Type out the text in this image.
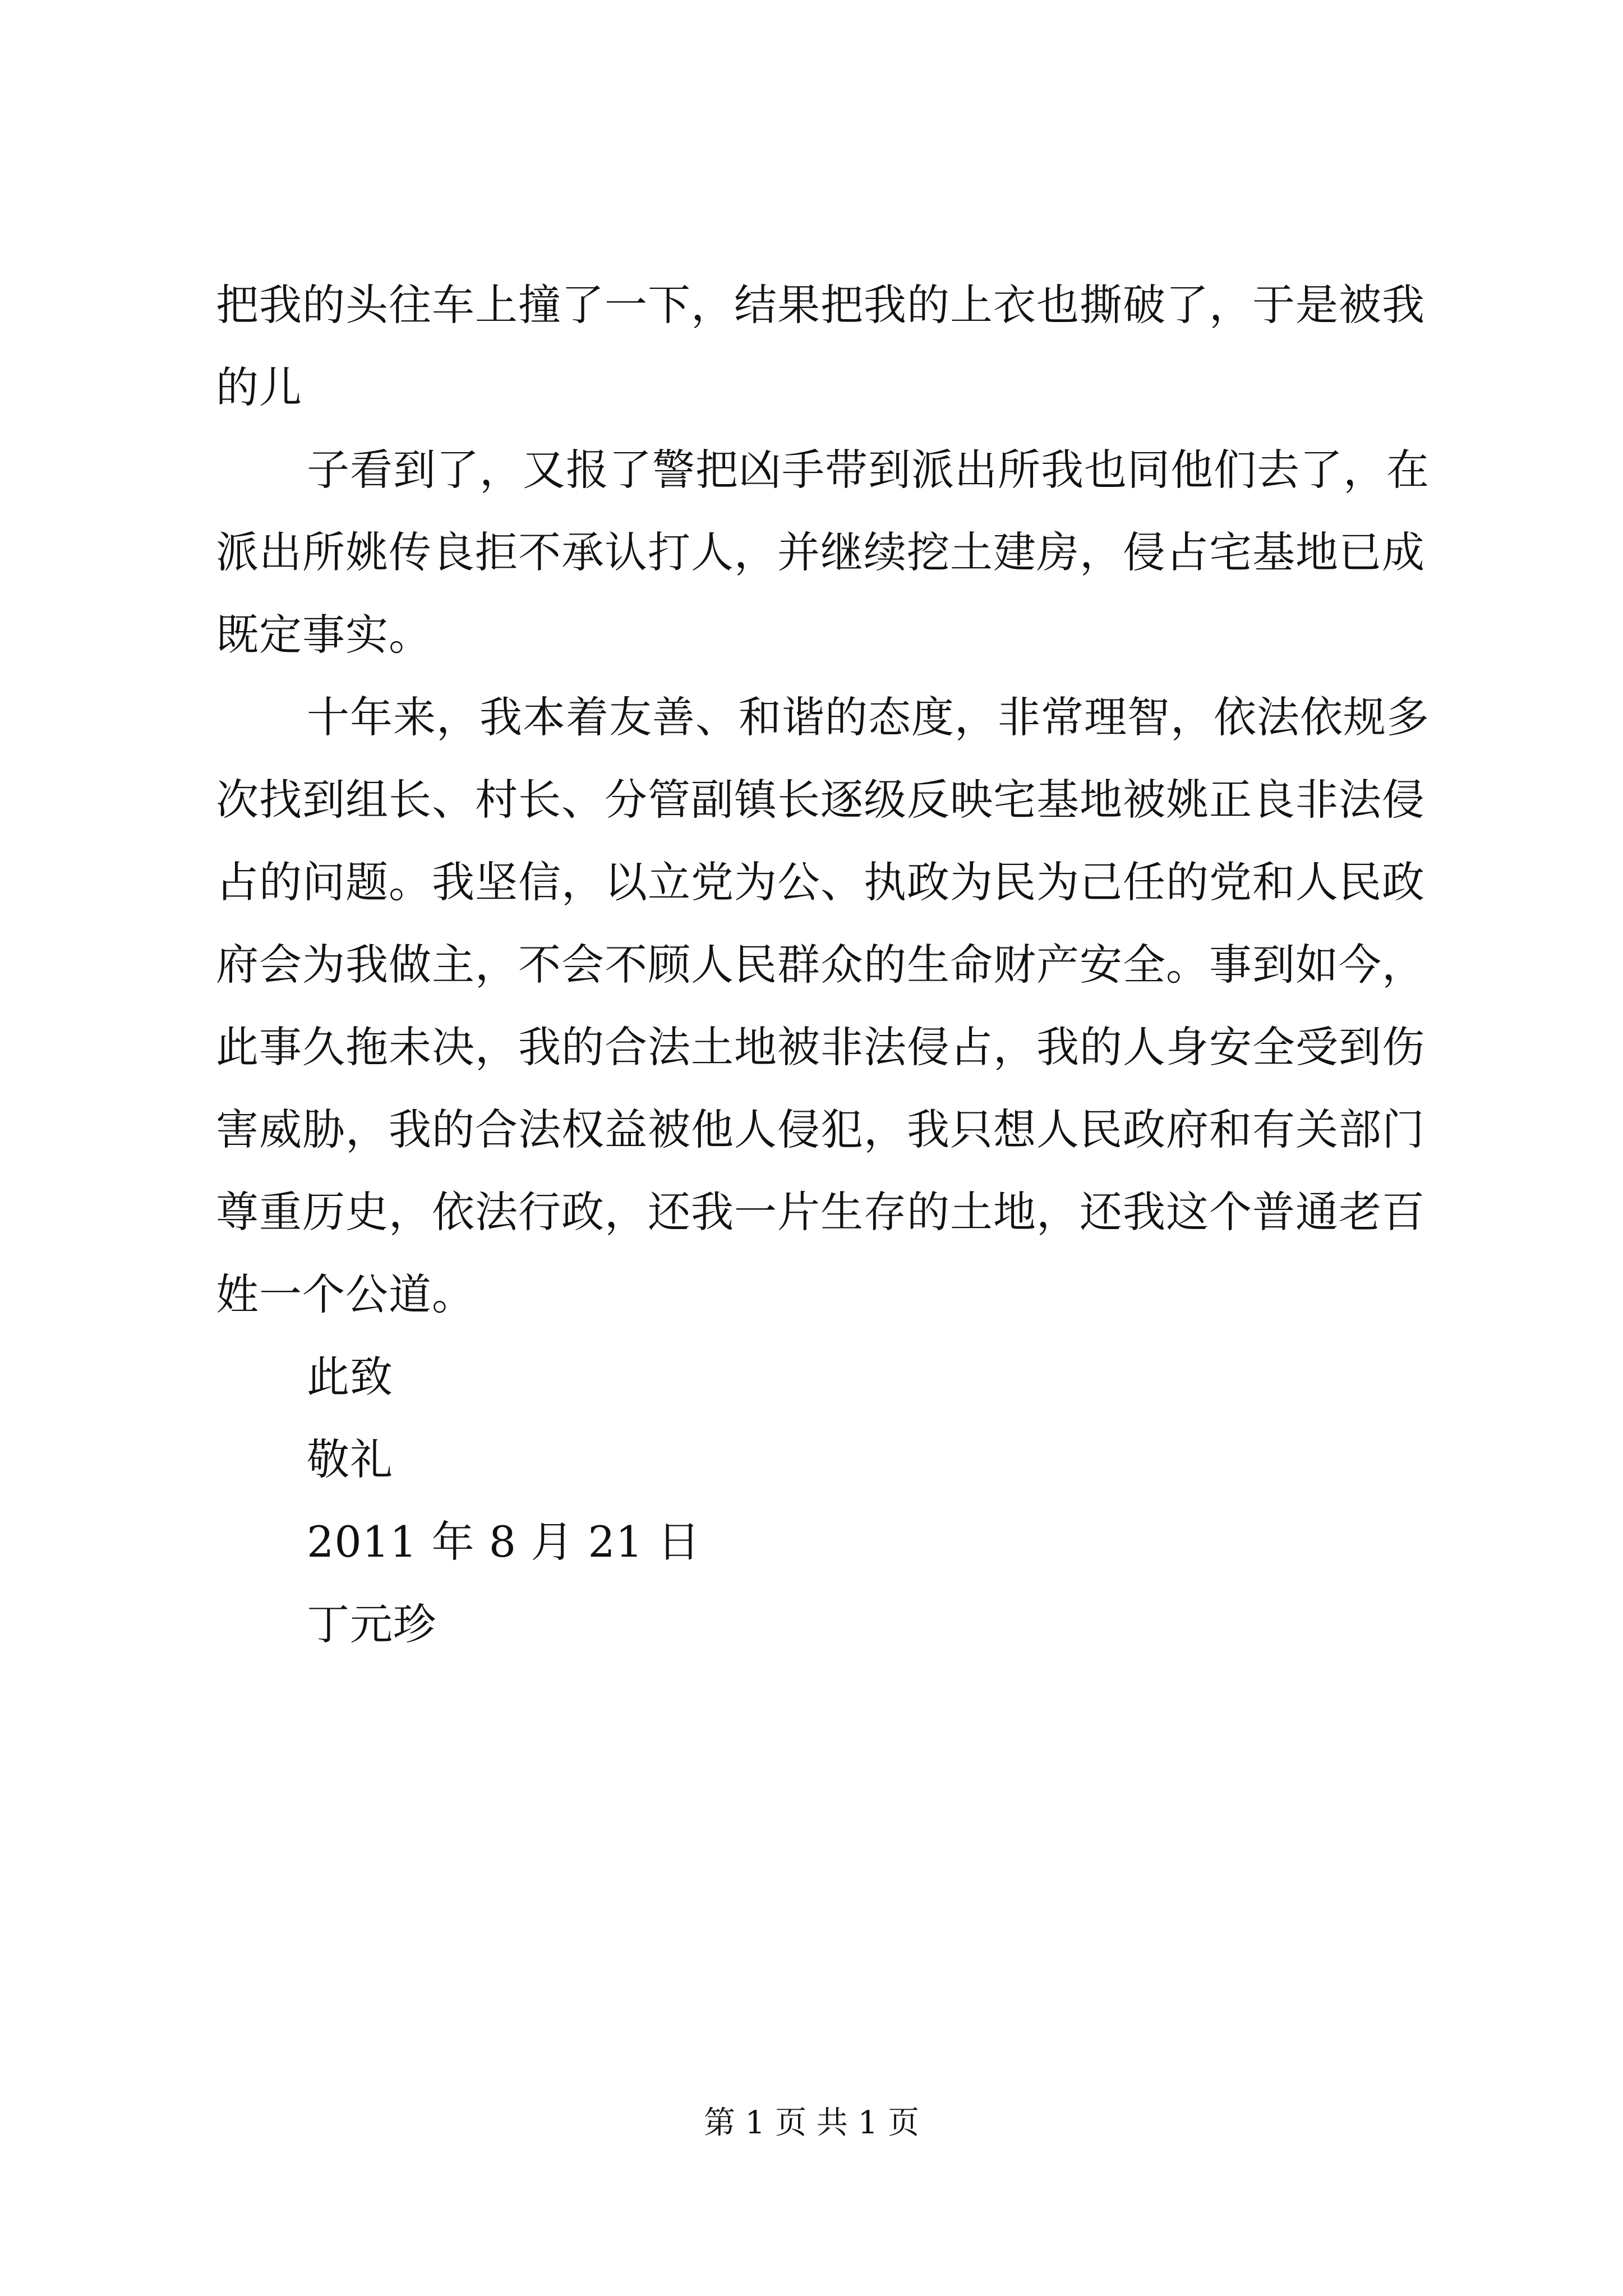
把我的头往车上撞了一下，结果把我的上衣也撕破了，于是被我
的儿
子看到了，又报了警把凶手带到派出所我也同他们去了，在
派出所姚传良拒不承认打人，并继续挖土建房，侵占宅基地已成
既定事实。
十年来，我本着友善、和谐的态度，非常理智，依法依规多
次找到组长、村长、分管副镇长逐级反映宅基地被姚正良非法侵
占的问题。我坚信，以立党为公、执政为民为己任的党和人民政
府会为我做主，不会不顾人民群众的生命财产安全。事到如今，
此事久拖未决，我的合法土地被非法侵占，我的人身安全受到伤
害威胁，我的合法权益被他人侵犯，我只想人民政府和有关部门
尊重历史，依法行政，还我一片生存的土地，还我这个普通老百
姓一个公道。
此致
敬礼
2011 年 8 月 21 日
丁元珍
第 1 页 共 1 页
